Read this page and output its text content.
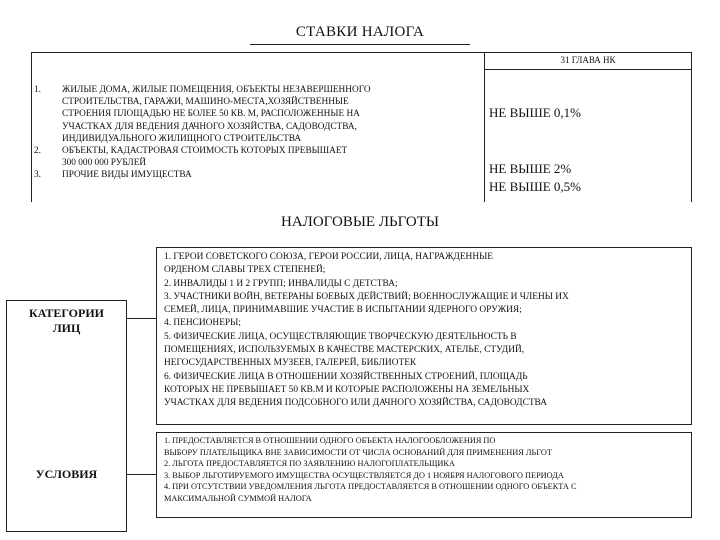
СТАВКИ НАЛОГА
31 ГЛАВА НК
1. ЖИЛЫЕ ДОМА, ЖИЛЫЕ ПОМЕЩЕНИЯ, ОБЪЕКТЫ НЕЗАВЕРШЕННОГО
СТРОИТЕЛЬСТВА, ГАРАЖИ, МАШИНО-МЕСТА,ХОЗЯЙСТВЕННЫЕ
СТРОЕНИЯ ПЛОЩАДЬЮ НЕ БОЛЕЕ 50 КВ. М, РАСПОЛОЖЕННЫЕ НА
УЧАСТКАХ ДЛЯ ВЕДЕНИЯ ДАЧНОГО ХОЗЯЙСТВА, САДОВОДСТВА,
ИНДИВИДУАЛЬНОГО ЖИЛИЩНОГО СТРОИТЕЛЬСТВА
2. ОБЪЕКТЫ, КАДАСТРОВАЯ СТОИМОСТЬ КОТОРЫХ ПРЕВЫШАЕТ
300 000 000 РУБЛЕЙ
3. ПРОЧИЕ ВИДЫ ИМУЩЕСТВА
НЕ ВЫШЕ 0,1%
НЕ ВЫШЕ 2%
НЕ ВЫШЕ 0,5%
НАЛОГОВЫЕ ЛЬГОТЫ
КАТЕГОРИИ
ЛИЦ
УСЛОВИЯ
1. ГЕРОИ СОВЕТСКОГО СОЮЗА, ГЕРОИ РОССИИ, ЛИЦА, НАГРАЖДЕННЫЕ
ОРДЕНОМ СЛАВЫ ТРЕХ СТЕПЕНЕЙ;
2. ИНВАЛИДЫ 1 И 2 ГРУПП; ИНВАЛИДЫ С ДЕТСТВА;
3. УЧАСТНИКИ ВОЙН, ВЕТЕРАНЫ БОЕВЫХ ДЕЙСТВИЙ; ВОЕННОСЛУЖАЩИЕ И ЧЛЕНЫ ИХ
СЕМЕЙ, ЛИЦА, ПРИНИМАВШИЕ УЧАСТИЕ В ИСПЫТАНИИ ЯДЕРНОГО ОРУЖИЯ;
4. ПЕНСИОНЕРЫ;
5. ФИЗИЧЕСКИЕ ЛИЦА, ОСУЩЕСТВЛЯЮЩИЕ ТВОРЧЕСКУЮ ДЕЯТЕЛЬНОСТЬ В
ПОМЕЩЕНИЯХ, ИСПОЛЬЗУЕМЫХ В КАЧЕСТВЕ МАСТЕРСКИХ, АТЕЛЬЕ, СТУДИЙ,
НЕГОСУДАРСТВЕННЫХ МУЗЕЕВ, ГАЛЕРЕЙ, БИБЛИОТЕК
6. ФИЗИЧЕСКИЕ ЛИЦА В ОТНОШЕНИИ ХОЗЯЙСТВЕННЫХ СТРОЕНИЙ, ПЛОЩАДЬ
КОТОРЫХ НЕ ПРЕВЫШАЕТ 50 КВ.М И КОТОРЫЕ РАСПОЛОЖЕНЫ НА ЗЕМЕЛЬНЫХ
УЧАСТКАХ ДЛЯ ВЕДЕНИЯ ПОДСОБНОГО ИЛИ ДАЧНОГО ХОЗЯЙСТВА, САДОВОДСТВА
1. ПРЕДОСТАВЛЯЕТСЯ В ОТНОШЕНИИ ОДНОГО ОБЪЕКТА НАЛОГООБЛОЖЕНИЯ ПО
ВЫБОРУ ПЛАТЕЛЬЩИКА ВНЕ ЗАВИСИМОСТИ ОТ ЧИСЛА ОСНОВАНИЙ ДЛЯ ПРИМЕНЕНИЯ ЛЬГОТ
2. ЛЬГОТА ПРЕДОСТАВЛЯЕТСЯ ПО ЗАЯВЛЕНИЮ НАЛОГОПЛАТЕЛЬЩИКА
3. ВЫБОР ЛЬГОТИРУЕМОГО ИМУЩЕСТВА ОСУЩЕСТВЛЯЕТСЯ ДО 1 НОЯБРЯ НАЛОГОВОГО ПЕРИОДА
4. ПРИ ОТСУТСТВИИ УВЕДОМЛЕНИЯ ЛЬГОТА ПРЕДОСТАВЛЯЕТСЯ В ОТНОШЕНИИ ОДНОГО ОБЪЕКТА С
МАКСИМАЛЬНОЙ СУММОЙ НАЛОГА
